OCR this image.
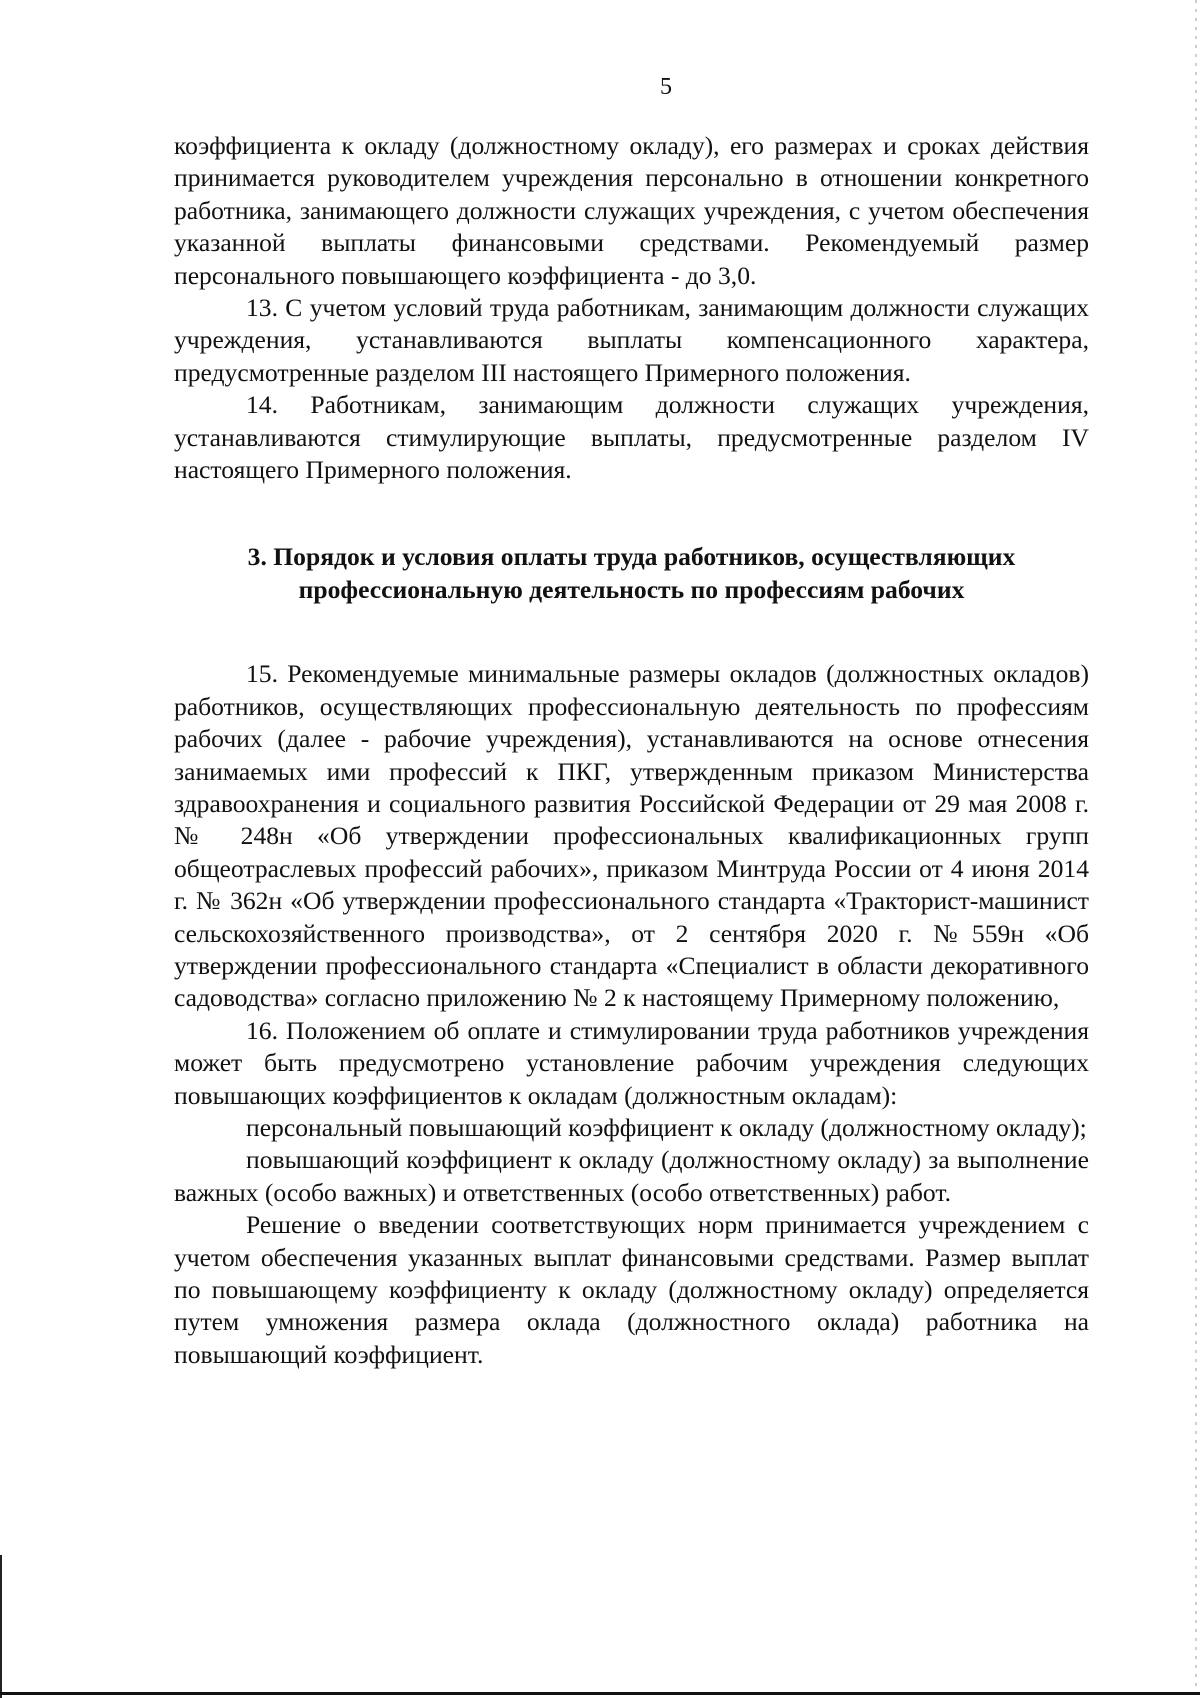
5

коэффициента к окладу (должностному окладу), его размерах и сроках действия принимается руководителем учреждения персонально в отношении конкретного работника, занимающего должности служащих учреждения, с учетом обеспечения указанной выплаты финансовыми средствами. Рекомендуемый размер персонального повышающего коэффициента - до 3,0.

13. С учетом условий труда работникам, занимающим должности служащих учреждения, устанавливаются выплаты компенсационного характера, предусмотренные разделом III настоящего Примерного положения.

14. Работникам, занимающим должности служащих учреждения, устанавливаются стимулирующие выплаты, предусмотренные разделом IV настоящего Примерного положения.

3. Порядок и условия оплаты труда работников, осуществляющих
профессиональную деятельность по профессиям рабочих

15. Рекомендуемые минимальные размеры окладов (должностных окладов) работников, осуществляющих профессиональную деятельность по профессиям рабочих (далее - рабочие учреждения), устанавливаются на основе отнесения занимаемых ими профессий к ПКГ, утвержденным приказом Министерства здравоохранения и социального развития Российской Федерации от 29 мая 2008 г. № 248н «Об утверждении профессиональных квалификационных групп общеотраслевых профессий рабочих», приказом Минтруда России от 4 июня 2014 г. № 362н «Об утверждении профессионального стандарта «Тракторист-машинист сельскохозяйственного производства», от 2 сентября 2020 г. №559н «Об утверждении профессионального стандарта «Специалист в области декоративного садоводства» согласно приложению № 2 к настоящему Примерному положению,

16. Положением об оплате и стимулировании труда работников учреждения может быть предусмотрено установление рабочим учреждения следующих повышающих коэффициентов к окладам (должностным окладам):

персональный повышающий коэффициент к окладу (должностному окладу);

повышающий коэффициент к окладу (должностному окладу) за выполнение важных (особо важных) и ответственных (особо ответственных) работ.

Решение о введении соответствующих норм принимается учреждением с учетом обеспечения указанных выплат финансовыми средствами. Размер выплат по повышающему коэффициенту к окладу (должностному окладу) определяется путем умножения размера оклада (должностного оклада) работника на повышающий коэффициент.
